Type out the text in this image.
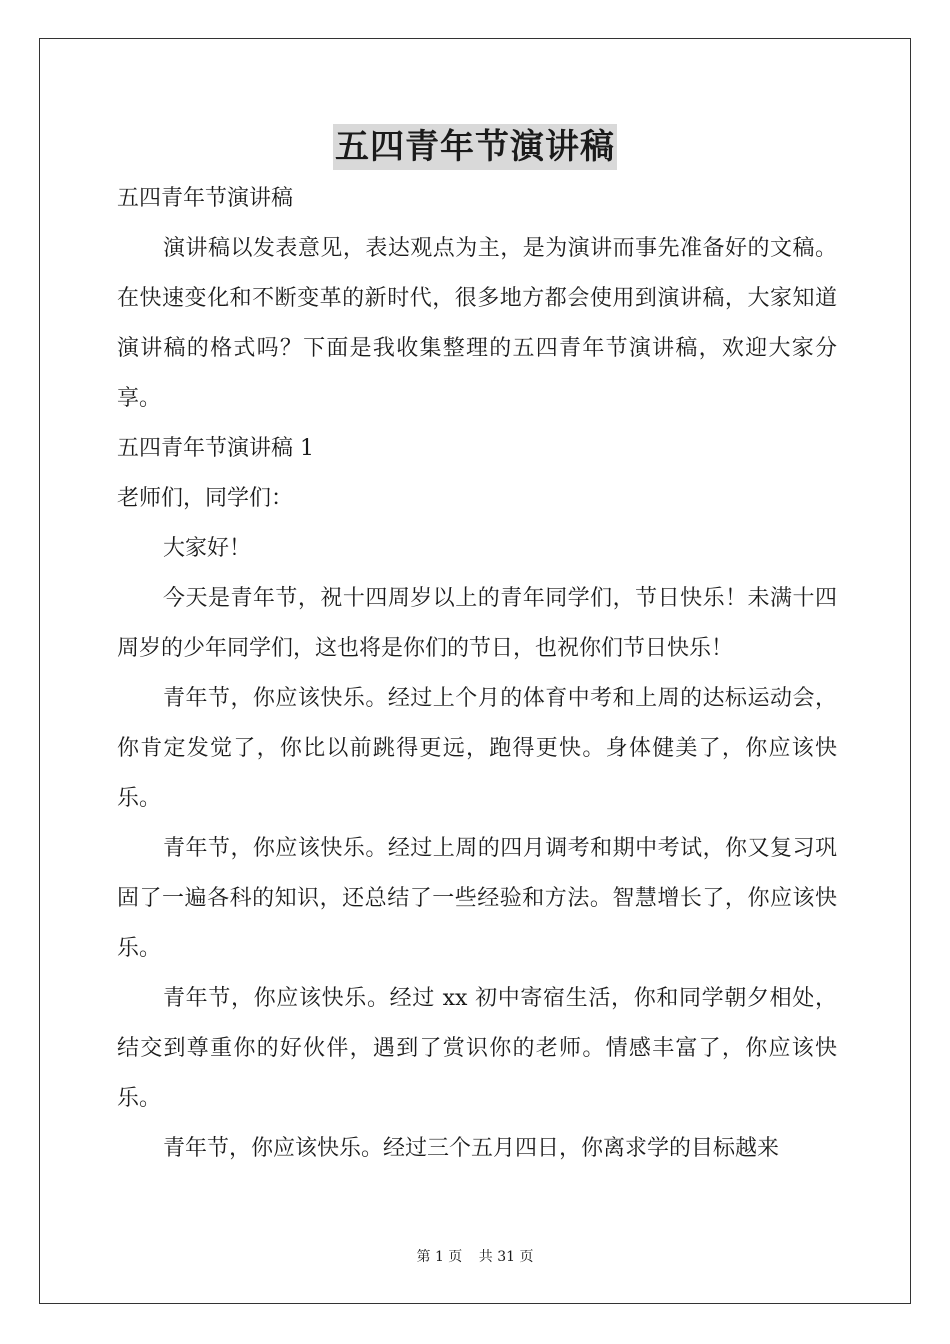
五四青年节演讲稿

五四青年节演讲稿

演讲稿以发表意见，表达观点为主，是为演讲而事先准备好的文稿。在快速变化和不断变革的新时代，很多地方都会使用到演讲稿，大家知道演讲稿的格式吗？下面是我收集整理的五四青年节演讲稿，欢迎大家分享。

五四青年节演讲稿 1

老师们，同学们：

大家好！

今天是青年节，祝十四周岁以上的青年同学们，节日快乐！未满十四周岁的少年同学们，这也将是你们的节日，也祝你们节日快乐！

青年节，你应该快乐。经过上个月的体育中考和上周的达标运动会，你肯定发觉了，你比以前跳得更远，跑得更快。身体健美了，你应该快乐。

青年节，你应该快乐。经过上周的四月调考和期中考试，你又复习巩固了一遍各科的知识，还总结了一些经验和方法。智慧增长了，你应该快乐。

青年节，你应该快乐。经过 xx 初中寄宿生活，你和同学朝夕相处，结交到尊重你的好伙伴，遇到了赏识你的老师。情感丰富了，你应该快乐。

青年节，你应该快乐。经过三个五月四日，你离求学的目标越来

第 1 页 共 31 页
